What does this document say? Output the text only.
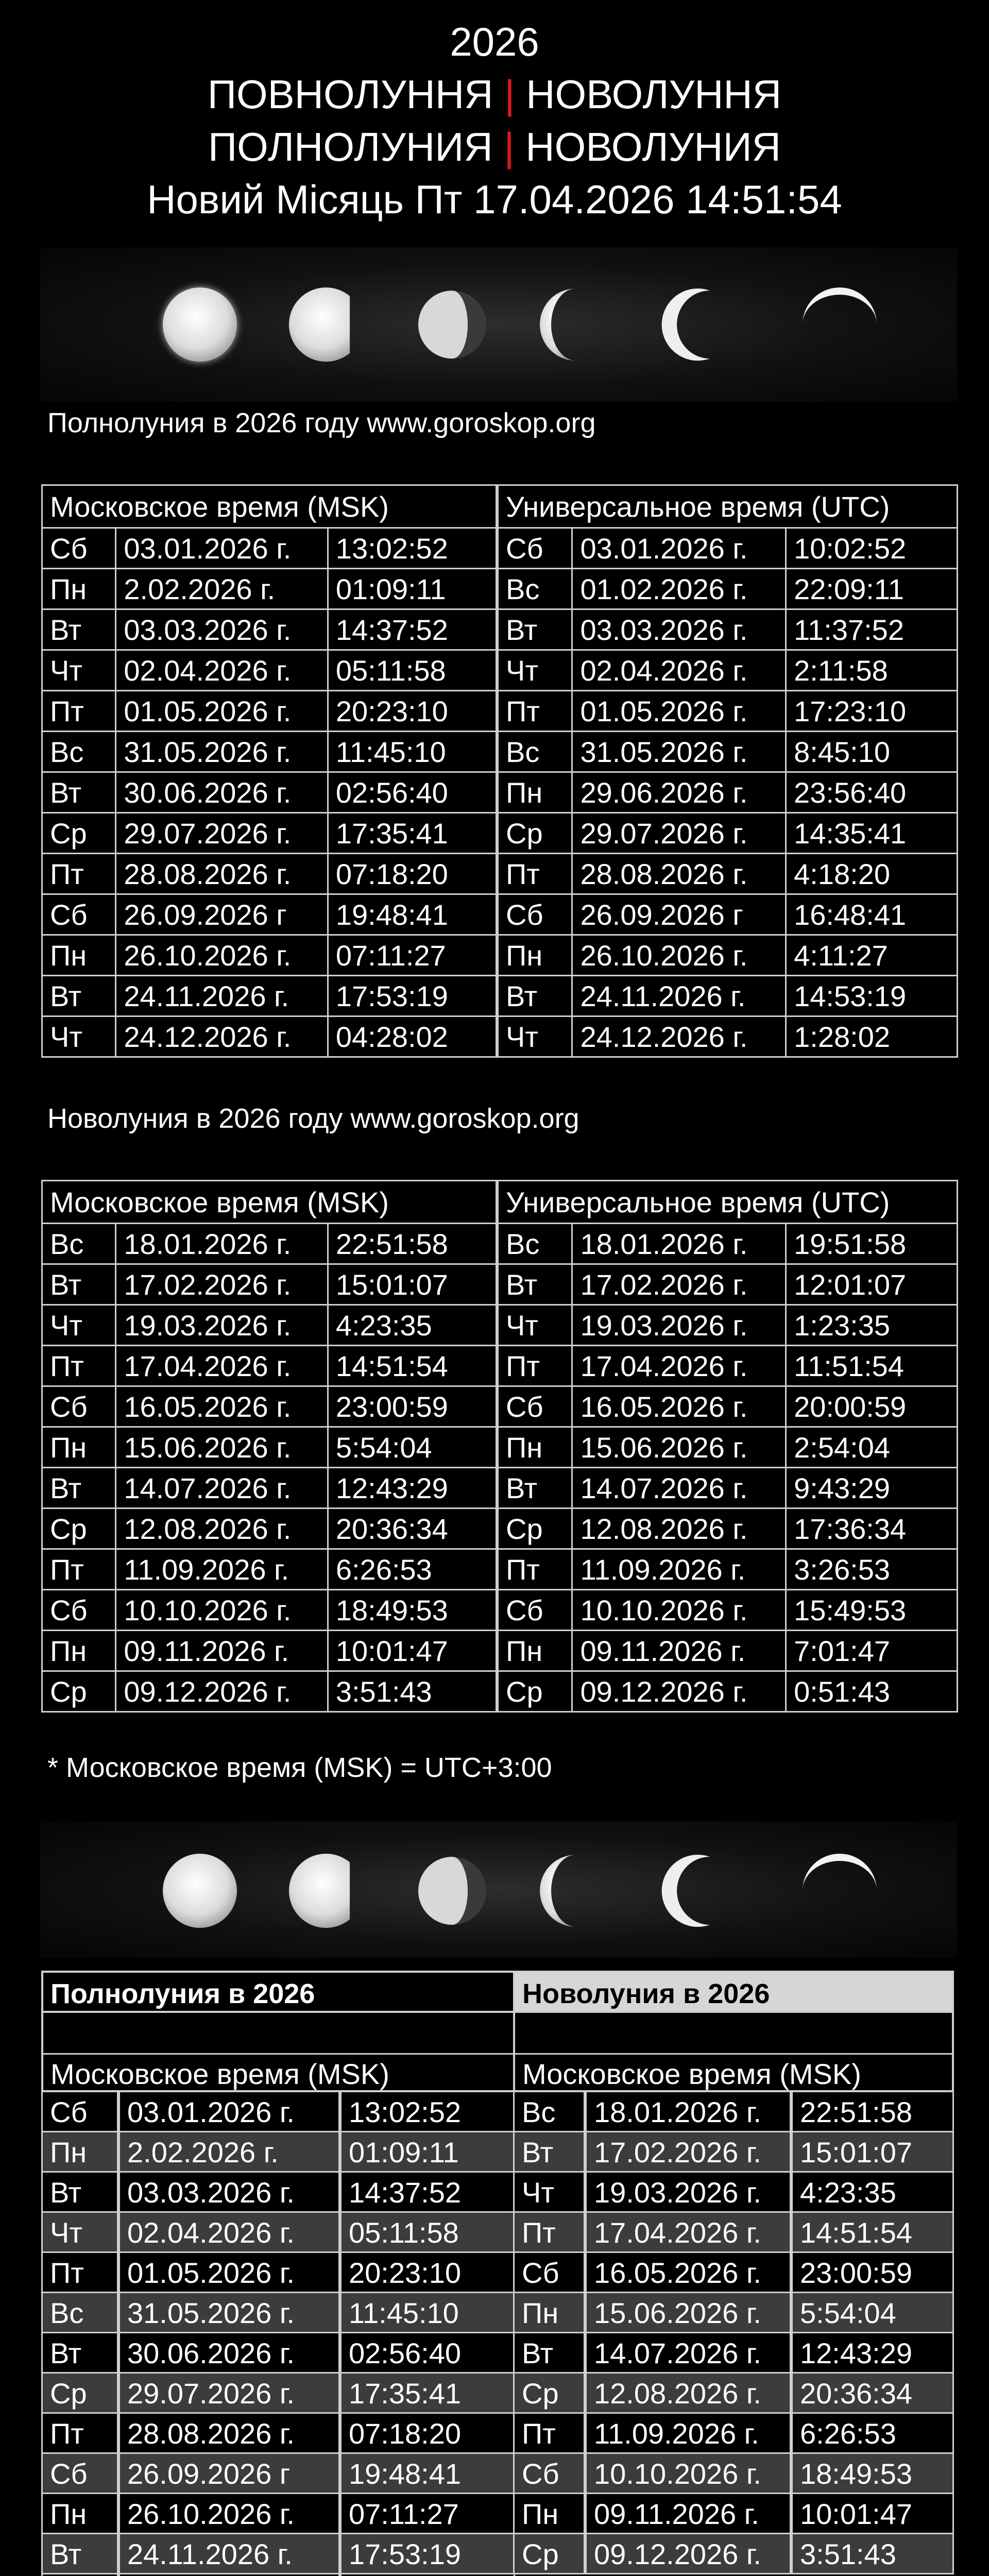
2026
ПОВНОЛУННЯ | НОВОЛУННЯ
ПОЛНОЛУНИЯ | НОВОЛУНИЯ
Новий Місяць Пт 17.04.2026 14:51:54
Полнолуния в 2026 году www.goroskop.org
Московское время (MSK)			Универсальное время (UTC)		
Сб	03.01.2026 г.	13:02:52	Сб	03.01.2026 г.	10:02:52
Пн	2.02.2026 г.	01:09:11	Вс	01.02.2026 г.	22:09:11
Вт	03.03.2026 г.	14:37:52	Вт	03.03.2026 г.	11:37:52
Чт	02.04.2026 г.	05:11:58	Чт	02.04.2026 г.	2:11:58
Пт	01.05.2026 г.	20:23:10	Пт	01.05.2026 г.	17:23:10
Вс	31.05.2026 г.	11:45:10	Вс	31.05.2026 г.	8:45:10
Вт	30.06.2026 г.	02:56:40	Пн	29.06.2026 г.	23:56:40
Ср	29.07.2026 г.	17:35:41	Ср	29.07.2026 г.	14:35:41
Пт	28.08.2026 г.	07:18:20	Пт	28.08.2026 г.	4:18:20
Сб	26.09.2026 г	19:48:41	Сб	26.09.2026 г	16:48:41
Пн	26.10.2026 г.	07:11:27	Пн	26.10.2026 г.	4:11:27
Вт	24.11.2026 г.	17:53:19	Вт	24.11.2026 г.	14:53:19
Чт	24.12.2026 г.	04:28:02	Чт	24.12.2026 г.	1:28:02
Новолуния в 2026 году www.goroskop.org
Московское время (MSK)			Универсальное время (UTC)		
Вс	18.01.2026 г.	22:51:58	Вс	18.01.2026 г.	19:51:58
Вт	17.02.2026 г.	15:01:07	Вт	17.02.2026 г.	12:01:07
Чт	19.03.2026 г.	4:23:35	Чт	19.03.2026 г.	1:23:35
Пт	17.04.2026 г.	14:51:54	Пт	17.04.2026 г.	11:51:54
Сб	16.05.2026 г.	23:00:59	Сб	16.05.2026 г.	20:00:59
Пн	15.06.2026 г.	5:54:04	Пн	15.06.2026 г.	2:54:04
Вт	14.07.2026 г.	12:43:29	Вт	14.07.2026 г.	9:43:29
Ср	12.08.2026 г.	20:36:34	Ср	12.08.2026 г.	17:36:34
Пт	11.09.2026 г.	6:26:53	Пт	11.09.2026 г.	3:26:53
Сб	10.10.2026 г.	18:49:53	Сб	10.10.2026 г.	15:49:53
Пн	09.11.2026 г.	10:01:47	Пн	09.11.2026 г.	7:01:47
Ср	09.12.2026 г.	3:51:43	Ср	09.12.2026 г.	0:51:43
* Московское время (MSK) = UTC+3:00
Полнолуния в 2026
Московское время (MSK)
Сб	03.01.2026 г.	13:02:52
Пн	2.02.2026 г.	01:09:11
Вт	03.03.2026 г.	14:37:52
Чт	02.04.2026 г.	05:11:58
Пт	01.05.2026 г.	20:23:10
Вс	31.05.2026 г.	11:45:10
Вт	30.06.2026 г.	02:56:40
Ср	29.07.2026 г.	17:35:41
Пт	28.08.2026 г.	07:18:20
Сб	26.09.2026 г	19:48:41
Пн	26.10.2026 г.	07:11:27
Вт	24.11.2026 г.	17:53:19
Новолуния в 2026
Московское время (MSK)
Вс	18.01.2026 г.	22:51:58
Вт	17.02.2026 г.	15:01:07
Чт	19.03.2026 г.	4:23:35
Пт	17.04.2026 г.	14:51:54
Сб	16.05.2026 г.	23:00:59
Пн	15.06.2026 г.	5:54:04
Вт	14.07.2026 г.	12:43:29
Ср	12.08.2026 г.	20:36:34
Пт	11.09.2026 г.	6:26:53
Сб	10.10.2026 г.	18:49:53
Пн	09.11.2026 г.	10:01:47
Ср	09.12.2026 г.	3:51:43
